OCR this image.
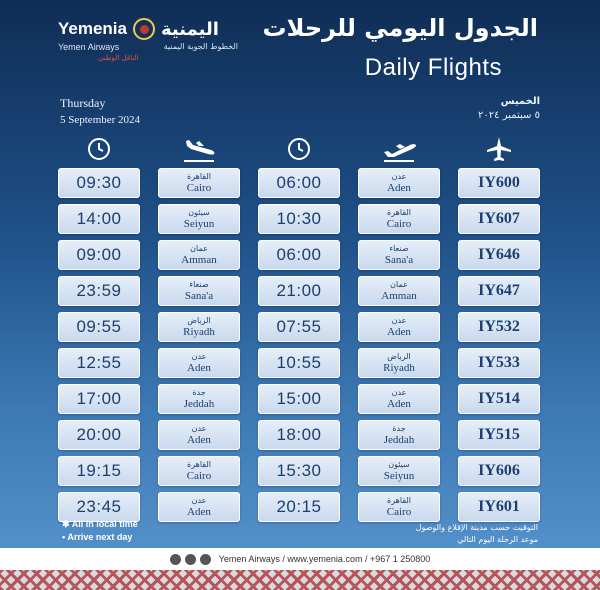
Yemenia اليمنية
Yemen Airways	الخطوط الجوية اليمنية
الناقل الوطني
الجدول اليومي للرحلات
Daily Flights
Thursday
5 September 2024
الخميس
٥ سبتمبر ٢٠٢٤
IY600
IY607
IY646
IY647
IY532
IY533
IY514
IY515
IY606
IY601
عدن
Aden
القاهرة
Cairo
صنعاء
Sana'a
عمان
Amman
عدن
Aden
الرياض
Riyadh
عدن
Aden
جدة
Jeddah
سيئون
Seiyun
القاهرة
Cairo
06:00
10:30
06:00
21:00
07:55
10:55
15:00
18:00
15:30
20:15
القاهرة
Cairo
سيئون
Seiyun
عمان
Amman
صنعاء
Sana'a
الرياض
Riyadh
عدن
Aden
جدة
Jeddah
عدن
Aden
القاهرة
Cairo
عدن
Aden
09:30
14:00
09:00
23:59
09:55
12:55
17:00
20:00
19:15
23:45
✱ All in local time
• Arrive next day
التوقيت حسب مدينة الإقلاع والوصول
موعد الرحلة اليوم التالي
Yemen Airways / www.yemenia.com / +967 1 250800
